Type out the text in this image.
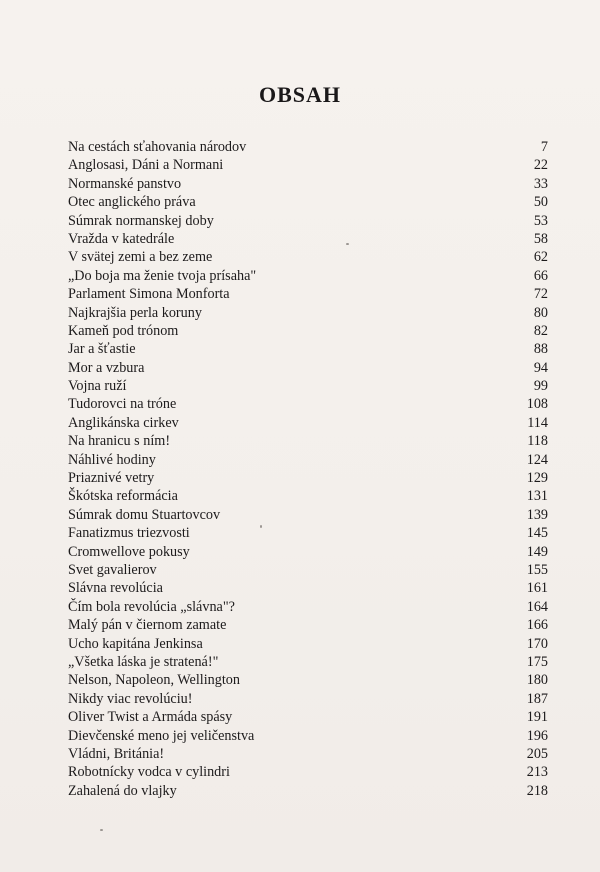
OBSAH
Na cestách sťahovania národov	7
Anglosasi, Dáni a Normani	22
Normanské panstvo	33
Otec anglického práva	50
Súmrak normanskej doby	53
Vražda v katedrále	58
V svätej zemi a bez zeme	62
„Do boja ma ženie tvoja prísaha"	66
Parlament Simona Monforta	72
Najkrajšia perla koruny	80
Kameň pod trónom	82
Jar a šťastie	88
Mor a vzbura	94
Vojna ruží	99
Tudorovci na tróne	108
Anglikánska cirkev	114
Na hranicu s ním!	118
Náhlivé hodiny	124
Priaznivé vetry	129
Škótska reformácia	131
Súmrak domu Stuartovcov	139
Fanatizmus triezvosti	145
Cromwellove pokusy	149
Svet gavalierov	155
Slávna revolúcia	161
Čím bola revolúcia „slávna"?	164
Malý pán v čiernom zamate	166
Ucho kapitána Jenkinsa	170
„Všetka láska je stratená!"	175
Nelson, Napoleon, Wellington	180
Nikdy viac revolúciu!	187
Oliver Twist a Armáda spásy	191
Dievčenské meno jej veličenstva	196
Vládni, Británia!	205
Robotnícky vodca v cylindri	213
Zahalená do vlajky	218
